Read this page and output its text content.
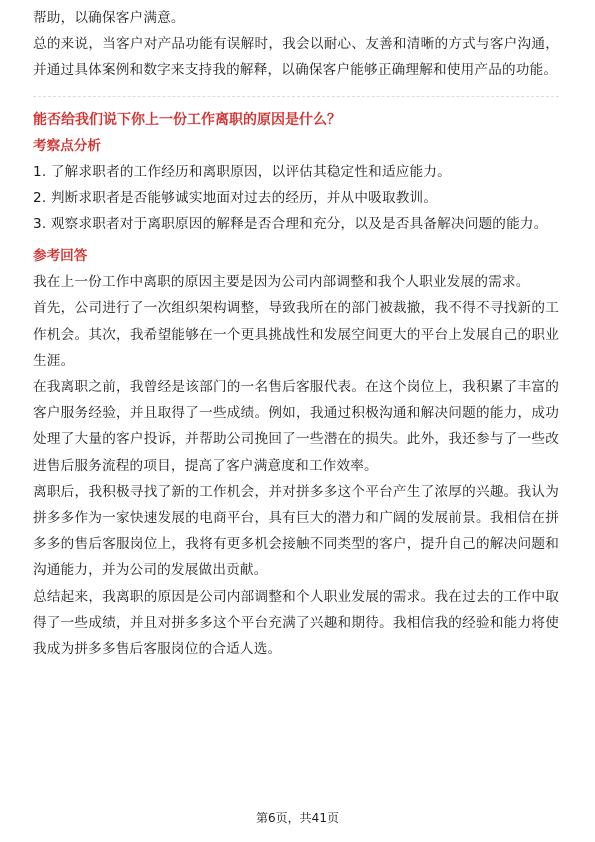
帮助，以确保客户满意。

总的来说，当客户对产品功能有误解时，我会以耐心、友善和清晰的方式与客户沟通，并通过具体案例和数字来支持我的解释，以确保客户能够正确理解和使用产品的功能。

能否给我们说下你上一份工作离职的原因是什么？

考察点分析

1. 了解求职者的工作经历和离职原因，以评估其稳定性和适应能力。

2. 判断求职者是否能够诚实地面对过去的经历，并从中吸取教训。

3. 观察求职者对于离职原因的解释是否合理和充分，以及是否具备解决问题的能力。

参考回答

我在上一份工作中离职的原因主要是因为公司内部调整和我个人职业发展的需求。

首先，公司进行了一次组织架构调整，导致我所在的部门被裁撤，我不得不寻找新的工作机会。其次，我希望能够在一个更具挑战性和发展空间更大的平台上发展自己的职业生涯。

在我离职之前，我曾经是该部门的一名售后客服代表。在这个岗位上，我积累了丰富的客户服务经验，并且取得了一些成绩。例如，我通过积极沟通和解决问题的能力，成功处理了大量的客户投诉，并帮助公司挽回了一些潜在的损失。此外，我还参与了一些改进售后服务流程的项目，提高了客户满意度和工作效率。

离职后，我积极寻找了新的工作机会，并对拼多多这个平台产生了浓厚的兴趣。我认为拼多多作为一家快速发展的电商平台，具有巨大的潜力和广阔的发展前景。我相信在拼多多的售后客服岗位上，我将有更多机会接触不同类型的客户，提升自己的解决问题和沟通能力，并为公司的发展做出贡献。

总结起来，我离职的原因是公司内部调整和个人职业发展的需求。我在过去的工作中取得了一些成绩，并且对拼多多这个平台充满了兴趣和期待。我相信我的经验和能力将使我成为拼多多售后客服岗位的合适人选。

第6页，共41页
